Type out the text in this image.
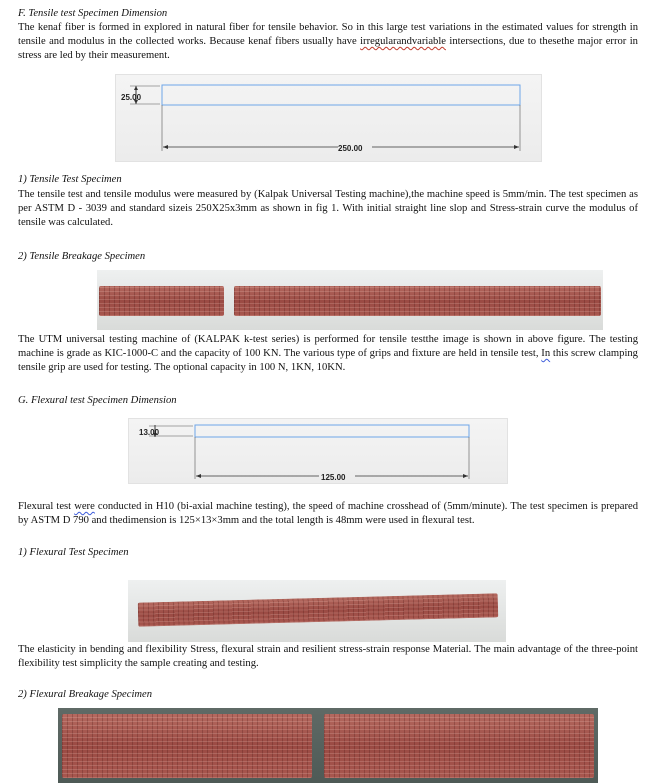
F. Tensile test Specimen Dimension
The kenaf fiber is formed in explored in natural fiber for tensile behavior. So in this large test variations in the estimated values for strength in tensile and modulus in the collected works. Because kenaf fibers usually have irregularandvariable intersections, due to thesethe major error in stress are led by their measurement.
25.00
250.00
1) Tensile Test Specimen
The tensile test and tensile modulus were measured by (Kalpak Universal Testing machine),the machine speed is 5mm/min. The test specimen as per ASTM D - 3039 and standard sizeis 250X25x3mm as shown in fig 1. With initial straight line slop and Stress-strain curve the modulus of tensile was calculated.
2) Tensile Breakage Specimen
The UTM universal testing machine of (KALPAK k-test series) is performed for tensile testthe image is shown in above figure. The testing machine is grade as KIC-1000-C and the capacity of 100 KN. The various type of grips and fixture are held in tensile test, In this screw clamping tensile grip are used for testing. The optional capacity in 100 N, 1KN, 10KN.
G. Flexural test Specimen Dimension
13.00
125.00
Flexural test were conducted in H10 (bi-axial machine testing), the speed of machine crosshead of (5mm/minute). The test specimen is prepared by ASTM D 790 and thedimension is 125×13×3mm and the total length is 48mm were used in flexural test.
1) Flexural Test Specimen
The elasticity in bending and flexibility Stress, flexural strain and resilient stress-strain response Material. The main advantage of the three-point flexibility test simplicity the sample creating and testing.
2) Flexural Breakage Specimen
